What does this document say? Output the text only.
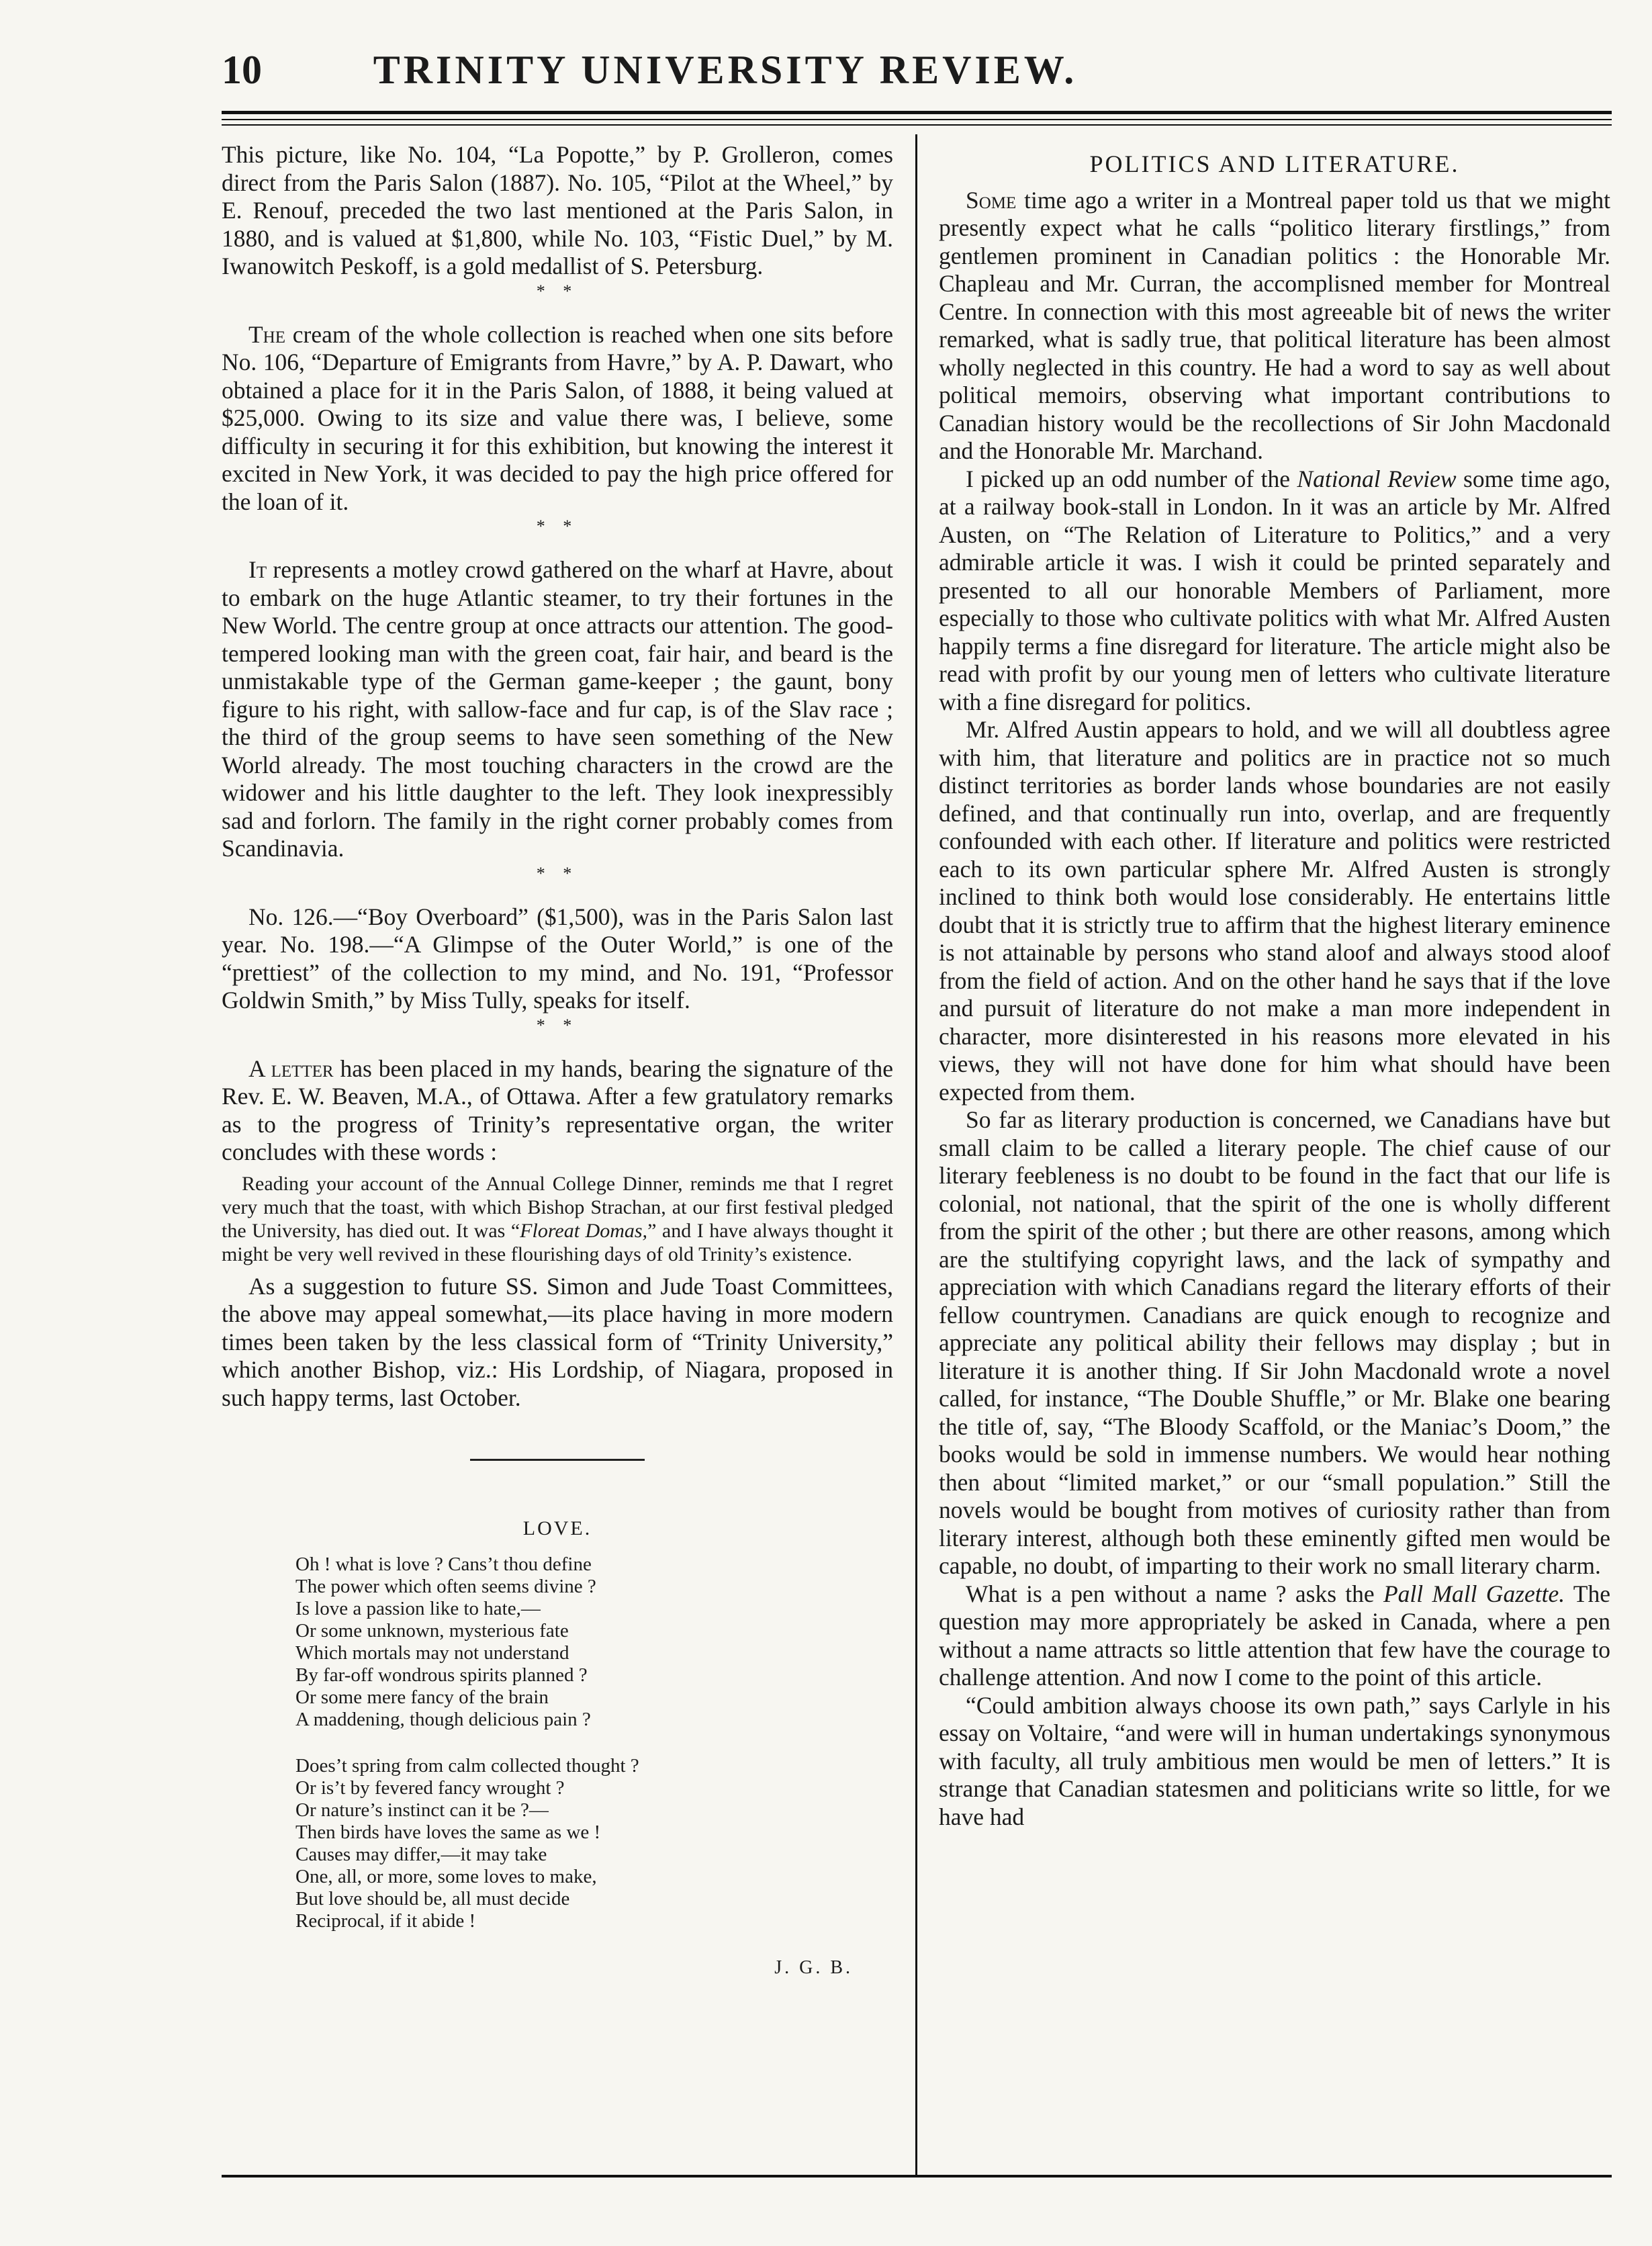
10	TRINITY UNIVERSITY REVIEW.

This picture, like No. 104, “La Popotte,” by P. Grolleron, comes direct from the Paris Salon (1887). No. 105, “Pilot at the Wheel,” by E. Renouf, preceded the two last mentioned at the Paris Salon, in 1880, and is valued at $1,800, while No. 103, “Fistic Duel,” by M. Iwanowitch Peskoff, is a gold medallist of S. Petersburg.

* *

The cream of the whole collection is reached when one sits before No. 106, “Departure of Emigrants from Havre,” by A. P. Dawart, who obtained a place for it in the Paris Salon, of 1888, it being valued at $25,000. Owing to its size and value there was, I believe, some difficulty in securing it for this exhibition, but knowing the interest it excited in New York, it was decided to pay the high price offered for the loan of it.

* *

It represents a motley crowd gathered on the wharf at Havre, about to embark on the huge Atlantic steamer, to try their fortunes in the New World. The centre group at once attracts our attention. The good-tempered looking man with the green coat, fair hair, and beard is the unmistakable type of the German game-keeper ; the gaunt, bony figure to his right, with sallow-face and fur cap, is of the Slav race ; the third of the group seems to have seen something of the New World already. The most touching characters in the crowd are the widower and his little daughter to the left. They look inexpressibly sad and forlorn. The family in the right corner probably comes from Scandinavia.

* *

No. 126.—“Boy Overboard” ($1,500), was in the Paris Salon last year. No. 198.—“A Glimpse of the Outer World,” is one of the “prettiest” of the collection to my mind, and No. 191, “Professor Goldwin Smith,” by Miss Tully, speaks for itself.

* *

A letter has been placed in my hands, bearing the signature of the Rev. E. W. Beaven, M.A., of Ottawa. After a few gratulatory remarks as to the progress of Trinity’s representative organ, the writer concludes with these words :

Reading your account of the Annual College Dinner, reminds me that I regret very much that the toast, with which Bishop Strachan, at our first festival pledged the University, has died out. It was “Floreat Domas,” and I have always thought it might be very well revived in these flourishing days of old Trinity’s existence.

As a suggestion to future SS. Simon and Jude Toast Committees, the above may appeal somewhat,—its place having in more modern times been taken by the less classical form of “Trinity University,” which another Bishop, viz.: His Lordship, of Niagara, proposed in such happy terms, last October.

LOVE.
Oh ! what is love ? Cans’t thou define
The power which often seems divine ?
Is love a passion like to hate,—
Or some unknown, mysterious fate
Which mortals may not understand
By far-off wondrous spirits planned ?
Or some mere fancy of the brain
A maddening, though delicious pain ?
Does’t spring from calm collected thought ?
Or is’t by fevered fancy wrought ?
Or nature’s instinct can it be ?—
Then birds have loves the same as we !
Causes may differ,—it may take
One, all, or more, some loves to make,
But love should be, all must decide
Reciprocal, if it abide !
J. G. B.
POLITICS AND LITERATURE.

Some time ago a writer in a Montreal paper told us that we might presently expect what he calls “politico literary firstlings,” from gentlemen prominent in Canadian politics : the Honorable Mr. Chapleau and Mr. Curran, the accomplisned member for Montreal Centre. In connection with this most agreeable bit of news the writer remarked, what is sadly true, that political literature has been almost wholly neglected in this country. He had a word to say as well about political memoirs, observing what important contributions to Canadian history would be the recollections of Sir John Macdonald and the Honorable Mr. Marchand.

I picked up an odd number of the National Review some time ago, at a railway book-stall in London. In it was an article by Mr. Alfred Austen, on “The Relation of Literature to Politics,” and a very admirable article it was. I wish it could be printed separately and presented to all our honorable Members of Parliament, more especially to those who cultivate politics with what Mr. Alfred Austen happily terms a fine disregard for literature. The article might also be read with profit by our young men of letters who cultivate literature with a fine disregard for politics.

Mr. Alfred Austin appears to hold, and we will all doubtless agree with him, that literature and politics are in practice not so much distinct territories as border lands whose boundaries are not easily defined, and that continually run into, overlap, and are frequently confounded with each other. If literature and politics were restricted each to its own particular sphere Mr. Alfred Austen is strongly inclined to think both would lose considerably. He entertains little doubt that it is strictly true to affirm that the highest literary eminence is not attainable by persons who stand aloof and always stood aloof from the field of action. And on the other hand he says that if the love and pursuit of literature do not make a man more independent in character, more disinterested in his reasons more elevated in his views, they will not have done for him what should have been expected from them.

So far as literary production is concerned, we Canadians have but small claim to be called a literary people. The chief cause of our literary feebleness is no doubt to be found in the fact that our life is colonial, not national, that the spirit of the one is wholly different from the spirit of the other ; but there are other reasons, among which are the stultifying copyright laws, and the lack of sympathy and appreciation with which Canadians regard the literary efforts of their fellow countrymen. Canadians are quick enough to recognize and appreciate any political ability their fellows may display ; but in literature it is another thing. If Sir John Macdonald wrote a novel called, for instance, “The Double Shuffle,” or Mr. Blake one bearing the title of, say, “The Bloody Scaffold, or the Maniac’s Doom,” the books would be sold in immense numbers. We would hear nothing then about “limited market,” or our “small population.” Still the novels would be bought from motives of curiosity rather than from literary interest, although both these eminently gifted men would be capable, no doubt, of imparting to their work no small literary charm.

What is a pen without a name ? asks the Pall Mall Gazette. The question may more appropriately be asked in Canada, where a pen without a name attracts so little attention that few have the courage to challenge attention. And now I come to the point of this article.

“Could ambition always choose its own path,” says Carlyle in his essay on Voltaire, “and were will in human undertakings synonymous with faculty, all truly ambitious men would be men of letters.” It is strange that Canadian statesmen and politicians write so little, for we have had
